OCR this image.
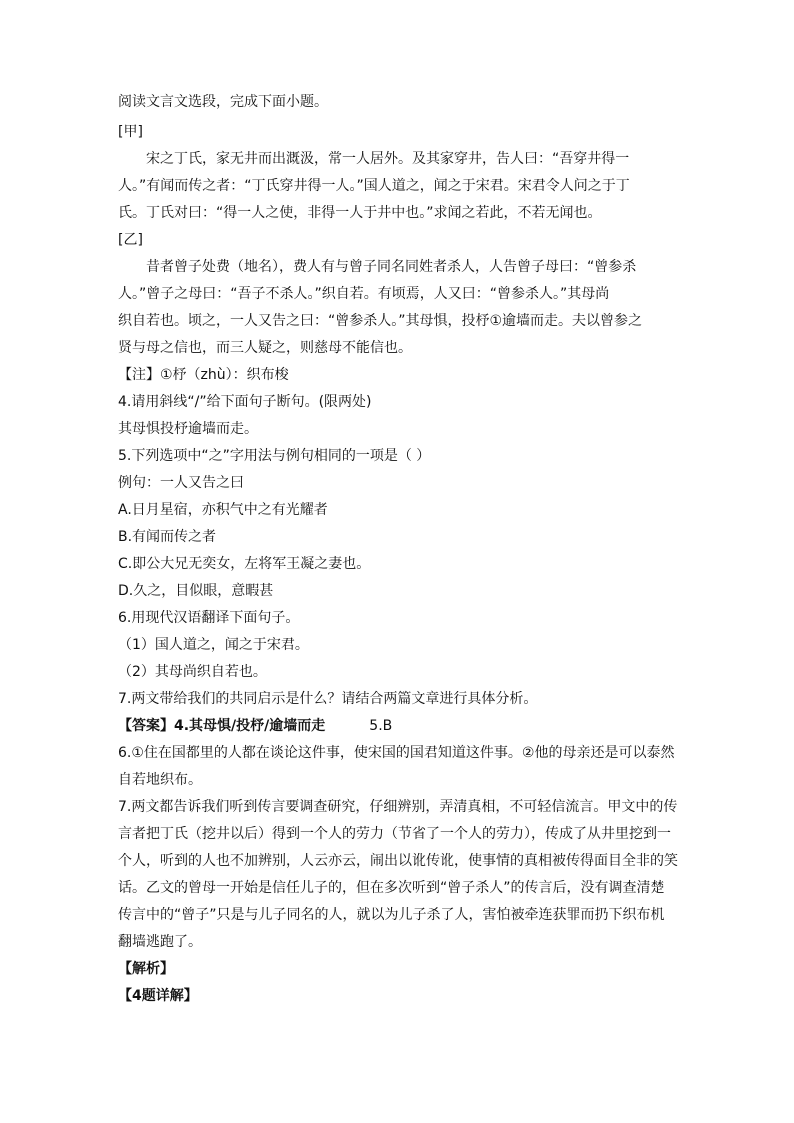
阅读文言文选段，完成下面小题。
[甲]
宋之丁氏，家无井而出溉汲，常一人居外。及其家穿井，告人曰：“吾穿井得一
人。”有闻而传之者：“丁氏穿井得一人。”国人道之，闻之于宋君。宋君令人问之于丁
氏。丁氏对曰：“得一人之使，非得一人于井中也。”求闻之若此，不若无闻也。
[乙]
昔者曾子处费（地名），费人有与曾子同名同姓者杀人，人告曾子母曰：“曾参杀
人。”曾子之母曰：“吾子不杀人。”织自若。有顷焉，人又曰：“曾参杀人。”其母尚
织自若也。顷之，一人又告之曰：“曾参杀人。”其母惧，投杼①逾墙而走。夫以曾参之
贤与母之信也，而三人疑之，则慈母不能信也。
【注】①杼（zhù）：织布梭
4.请用斜线“/”给下面句子断句。(限两处)
其母惧投杼逾墙而走。
5.下列选项中“之”字用法与例句相同的一项是（ ）
例句：一人又告之曰
A.日月星宿，亦积气中之有光耀者
B.有闻而传之者
C.即公大兄无奕女，左将军王凝之妻也。
D.久之，目似眼，意暇甚
6.用现代汉语翻译下面句子。
（1）国人道之，闻之于宋君。
（2）其母尚织自若也。
7.两文带给我们的共同启示是什么？请结合两篇文章进行具体分析。
【答案】4.其母惧/投杼/逾墙而走	5.B
6.①住在国都里的人都在谈论这件事，使宋国的国君知道这件事。②他的母亲还是可以泰然
自若地织布。
7.两文都告诉我们听到传言要调查研究，仔细辨别，弄清真相，不可轻信流言。甲文中的传
言者把丁氏（挖井以后）得到一个人的劳力（节省了一个人的劳力），传成了从井里挖到一
个人，听到的人也不加辨别，人云亦云，闹出以讹传讹，使事情的真相被传得面目全非的笑
话。乙文的曾母一开始是信任儿子的，但在多次听到“曾子杀人”的传言后，没有调查清楚
传言中的“曾子”只是与儿子同名的人，就以为儿子杀了人，害怕被牵连获罪而扔下织布机
翻墙逃跑了。
【解析】
【4题详解】
